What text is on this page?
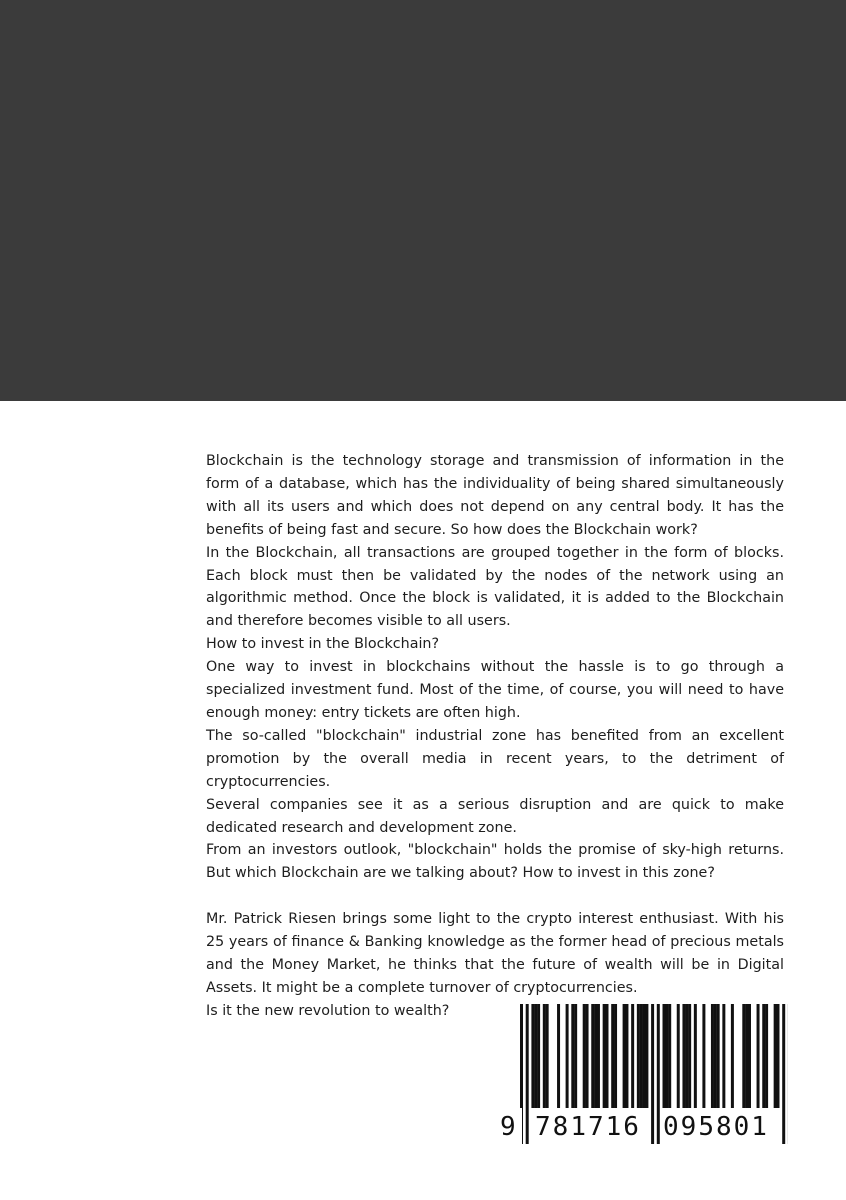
Blockchain is the technology storage and transmission of information in the form of a database, which has the individuality of being shared simultaneously with all its users and which does not depend on any central body. It has the benefits of being fast and secure. So how does the Blockchain work?
In the Blockchain, all transactions are grouped together in the form of blocks. Each block must then be validated by the nodes of the network using an algorithmic method. Once the block is validated, it is added to the Blockchain and therefore becomes visible to all users.
How to invest in the Blockchain?
One way to invest in blockchains without the hassle is to go through a specialized investment fund. Most of the time, of course, you will need to have enough money: entry tickets are often high.
The so-called "blockchain" industrial zone has benefited from an excellent promotion by the overall media in recent years, to the detriment of cryptocurrencies.
Several companies see it as a serious disruption and are quick to make dedicated research and development zone.
From an investors outlook, "blockchain" holds the promise of sky-high returns. But which Blockchain are we talking about? How to invest in this zone?

Mr. Patrick Riesen brings some light to the crypto interest enthusiast. With his 25 years of finance & Banking knowledge as the former head of precious metals and the Money Market, he thinks that the future of wealth will be in Digital Assets. It might be a complete turnover of cryptocurrencies.
Is it the new revolution to wealth?

9 781716 095801
